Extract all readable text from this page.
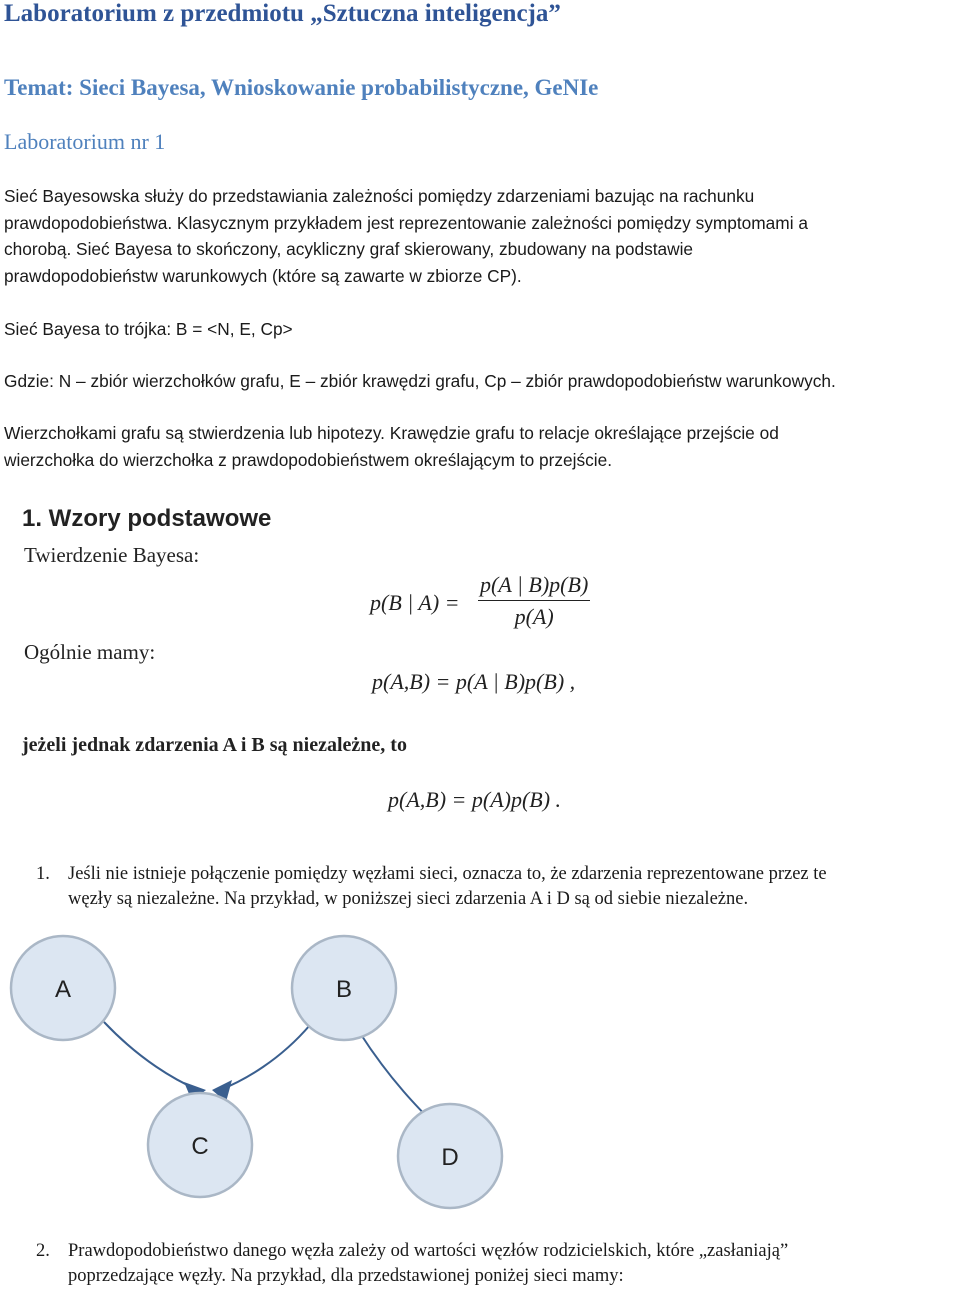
Laboratorium z przedmiotu „Sztuczna inteligencja”
Temat: Sieci Bayesa, Wnioskowanie probabilistyczne, GeNIe
Laboratorium nr 1
Sieć Bayesowska służy do przedstawiania zależności pomiędzy zdarzeniami bazując na rachunku
prawdopodobieństwa. Klasycznym przykładem jest reprezentowanie zależności pomiędzy symptomami a
chorobą. Sieć Bayesa to skończony, acykliczny graf skierowany, zbudowany na podstawie
prawdopodobieństw warunkowych (które są zawarte w zbiorze CP).
Sieć Bayesa to trójka: B = <N, E, Cp>
Gdzie: N – zbiór wierzchołków grafu, E – zbiór krawędzi grafu, Cp – zbiór prawdopodobieństw warunkowych.
Wierzchołkami grafu są stwierdzenia lub hipotezy. Krawędzie grafu to relacje określające przejście od
wierzchołka do wierzchołka z prawdopodobieństwem określającym to przejście.
1. Wzory podstawowe
Twierdzenie Bayesa:
p(B | $A) = \frac{p(A | B)p(B)}{p(A)}$
Ogólnie mamy:
p(A,B) = p(A | B)p(B) ,
jeżeli jednak zdarzenia A i B są niezależne, to
p(A,B) = p(A)p(B) .
1. Jeśli nie istnieje połączenie pomiędzy węzłami sieci, oznacza to, że zdarzenia reprezentowane przez te
węzły są niezależne. Na przykład, w poniższej sieci zdarzenia A i D są od siebie niezależne.
A	B
C	D
2. Prawdopodobieństwo danego węzła zależy od wartości węzłów rodzicielskich, które „zasłaniają”
poprzedzające węzły. Na przykład, dla przedstawionej poniżej sieci mamy:
